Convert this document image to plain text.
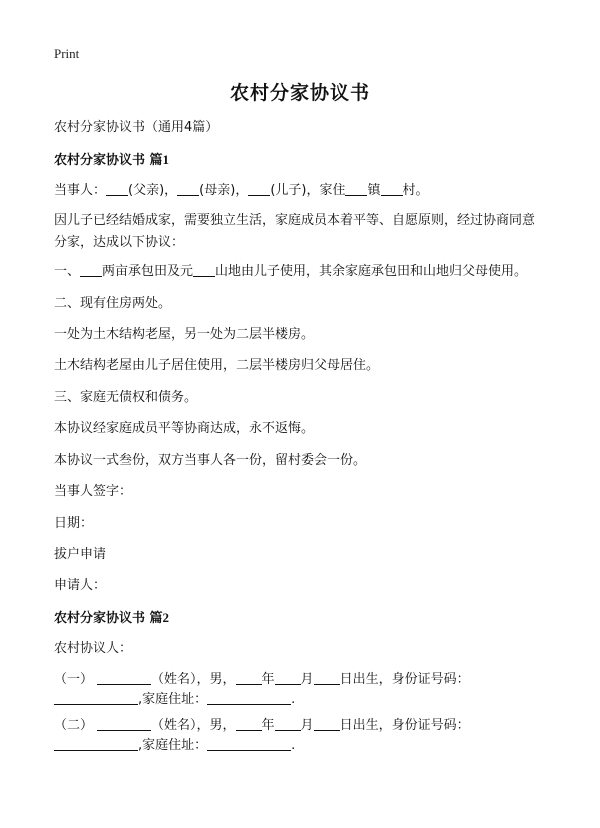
Print
农村分家协议书
农村分家协议书（通用4篇）
农村分家协议书 篇1
当事人： (父亲)， (母亲)， (儿子)，家住 镇 村。
因儿子已经结婚成家，需要独立生活，家庭成员本着平等、自愿原则，经过协商同意分家，达成以下协议：
一、 两亩承包田及元 山地由儿子使用，其余家庭承包田和山地归父母使用。
二、现有住房两处。
一处为土木结构老屋，另一处为二层半楼房。
土木结构老屋由儿子居住使用，二层半楼房归父母居住。
三、家庭无债权和债务。
本协议经家庭成员平等协商达成，永不返悔。
本协议一式叁份，双方当事人各一份，留村委会一份。
当事人签字：
日期：
拔户申请
申请人：
农村分家协议书 篇2
农村协议人：
（一）	（姓名），男， 年 月 日出生，身份证号码：
,家庭住址：	.
（二）	（姓名），男， 年 月 日出生，身份证号码：
,家庭住址：	.
